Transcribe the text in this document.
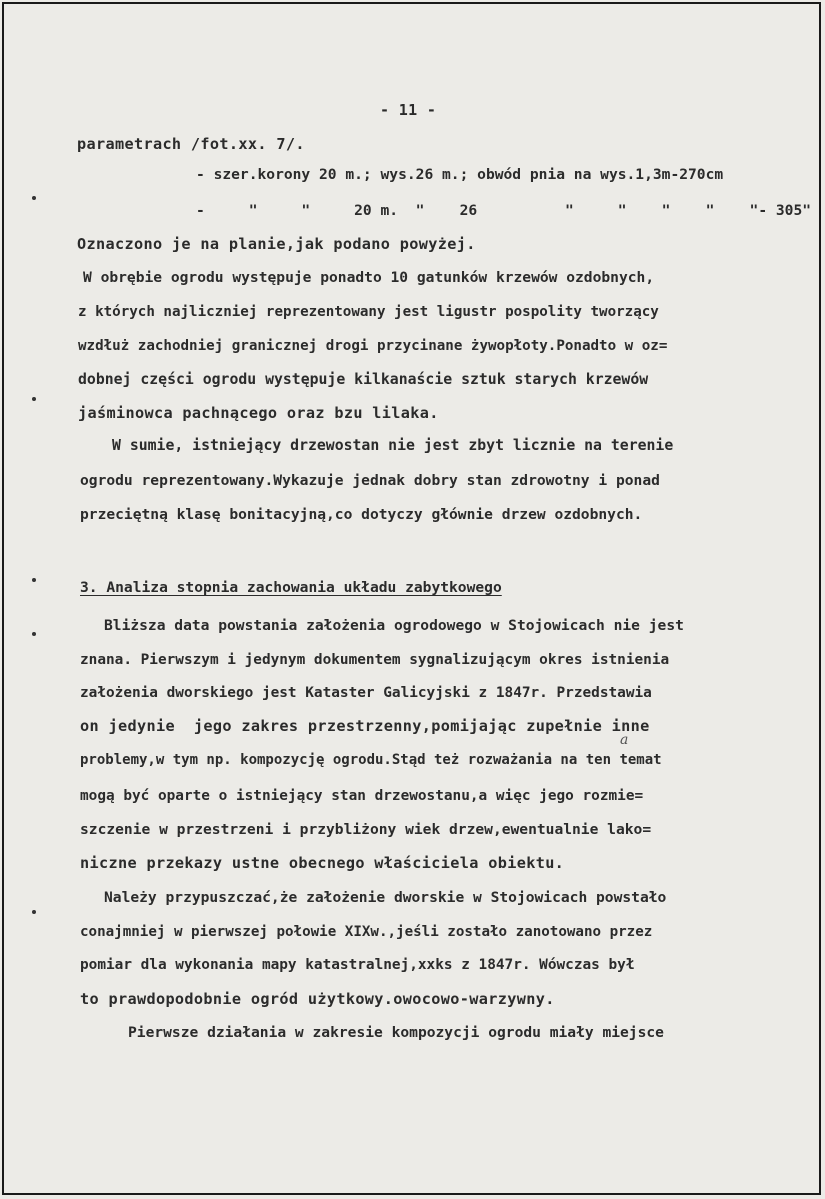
- 11 -
parametrach /fot.xx. 7/.
- szer.korony 20 m.; wys.26 m.; obwód pnia na wys.1,3m-270cm
-     "     "     20 m.  "    26          "     "    "    "    "- 305"
Oznaczono je na planie,jak podano powyżej.
W obrębie ogrodu występuje ponadto 10 gatunków krzewów ozdobnych,
z których najliczniej reprezentowany jest ligustr pospolity tworzący
wzdłuż zachodniej granicznej drogi przycinane żywopłoty.Ponadto w oz=
dobnej części ogrodu występuje kilkanaście sztuk starych krzewów
jaśminowca pachnącego oraz bzu lilaka.
W sumie, istniejący drzewostan nie jest zbyt licznie na terenie
ogrodu reprezentowany.Wykazuje jednak dobry stan zdrowotny i ponad
przeciętną klasę bonitacyjną,co dotyczy głównie drzew ozdobnych.
3. Analiza stopnia zachowania układu zabytkowego
Bliższa data powstania założenia ogrodowego w Stojowicach nie jest
znana. Pierwszym i jedynym dokumentem sygnalizującym okres istnienia
założenia dworskiego jest Kataster Galicyjski z 1847r. Przedstawia
on jedynie  jego zakres przestrzenny,pomijając zupełnie inne
problemy,w tym np. kompozycję ogrodu.Stąd też rozważania na ten temat
a
mogą być oparte o istniejący stan drzewostanu,a więc jego rozmie=
szczenie w przestrzeni i przybliżony wiek drzew,ewentualnie lako=
niczne przekazy ustne obecnego właściciela obiektu.
Należy przypuszczać,że założenie dworskie w Stojowicach powstało
conajmniej w pierwszej połowie XIXw.,jeśli zostało zanotowano przez
pomiar dla wykonania mapy katastralnej,xxks z 1847r. Wówczas był
to prawdopodobnie ogród użytkowy.owocowo-warzywny.
Pierwsze działania w zakresie kompozycji ogrodu miały miejsce
